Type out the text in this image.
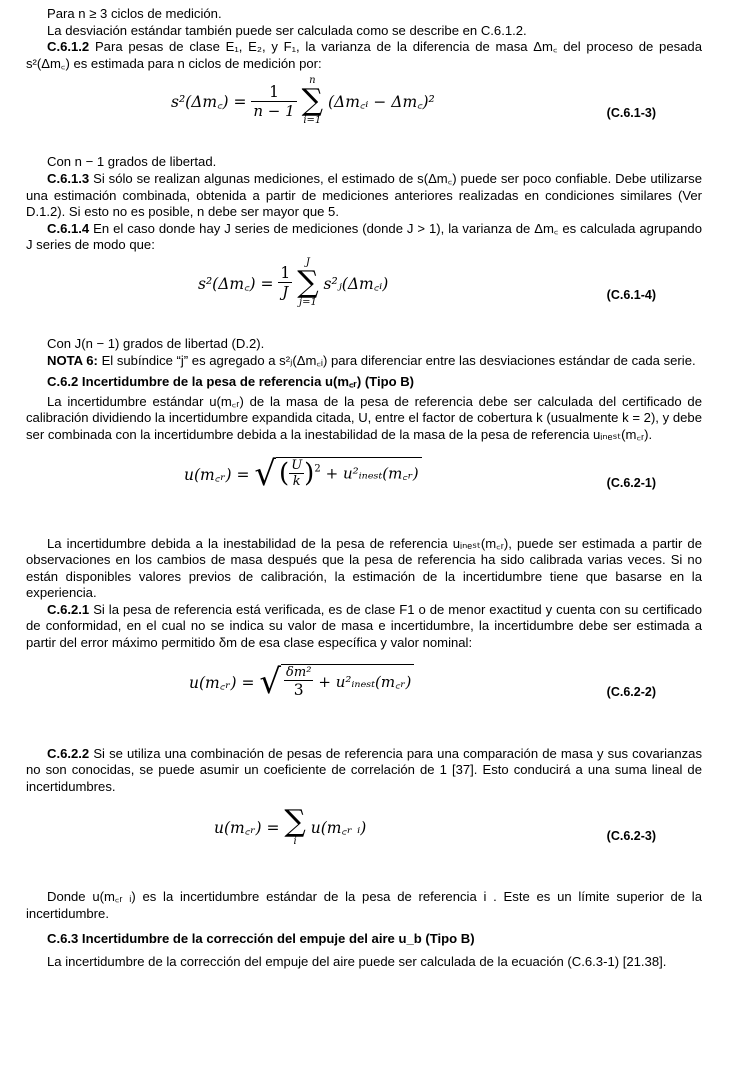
Para n ≥ 3 ciclos de medición.

La desviación estándar también puede ser calculada como se describe en C.6.1.2.

C.6.1.2 Para pesas de clase E₁, E₂, y F₁, la varianza de la diferencia de masa Δm꜀ del proceso de pesada s²(Δm꜀) es estimada para n ciclos de medición por:

s²(Δm꜀) = $\frac{1}{n - 1}$

n
∑
i=1
(Δm꜀ᵢ − Δm꜀)²
(C.6.1-3)

Con n − 1 grados de libertad.

C.6.1.3 Si sólo se realizan algunas mediciones, el estimado de s(Δm꜀) puede ser poco confiable. Debe utilizarse una estimación combinada, obtenida a partir de mediciones anteriores realizadas en condiciones similares (Ver D.1.2). Si esto no es posible, n debe ser mayor que 5.

C.6.1.4 En el caso donde hay J series de mediciones (donde J > 1), la varianza de Δm꜀ es calculada agrupando J series de modo que:

s²(Δm꜀) = $\frac{1}{J}$

J
∑
j=1
s²ⱼ(Δm꜀ᵢ)
(C.6.1-4)

Con J(n − 1) grados de libertad (D.2).

NOTA 6: El subíndice “j” es agregado a s²ⱼ(Δm꜀ᵢ) para diferenciar entre las desviaciones estándar de cada serie.

C.6.2 Incertidumbre de la pesa de referencia u(m꜀ᵣ) (Tipo B)

La incertidumbre estándar u(m꜀ᵣ) de la masa de la pesa de referencia debe ser calculada del certificado de calibración dividiendo la incertidumbre expandida citada, U, entre el factor de cobertura k (usualmente k = 2), y debe ser combinada con la incertidumbre debida a la inestabilidad de la masa de la pesa de referencia uᵢₙₑₛₜ(m꜀ᵣ).

u(m꜀ᵣ) = √ ( $\frac{U}{k} )^2$ + u²ᵢₙₑₛₜ(m꜀ᵣ)	(C.6.2-1)

La incertidumbre debida a la inestabilidad de la pesa de referencia uᵢₙₑₛₜ(m꜀ᵣ), puede ser estimada a partir de observaciones en los cambios de masa después que la pesa de referencia ha sido calibrada varias veces. Si no están disponibles valores previos de calibración, la estimación de la incertidumbre tiene que basarse en la experiencia.

C.6.2.1 Si la pesa de referencia está verificada, es de clase F1 o de menor exactitud y cuenta con su certificado de conformidad, en el cual no se indica su valor de masa e incertidumbre, la incertidumbre debe ser estimada a partir del error máximo permitido δm de esa clase específica y valor nominal:

u(m꜀ᵣ) = √ $\frac{\text{δm²}}{3}$ + u²ᵢₙₑₛₜ(m꜀ᵣ)
(C.6.2-2)

C.6.2.2 Si se utiliza una combinación de pesas de referencia para una comparación de masa y sus covarianzas no son conocidas, se puede asumir un coeficiente de correlación de 1 [37]. Esto conducirá a una suma lineal de incertidumbres.

u(m꜀ᵣ) = ∑
i
u(m꜀ᵣ ᵢ)	(C.6.2-3)

Donde u(m꜀ᵣ ᵢ) es la incertidumbre estándar de la pesa de referencia i . Este es un límite superior de la incertidumbre.

C.6.3 Incertidumbre de la corrección del empuje del aire u_b (Tipo B)

La incertidumbre de la corrección del empuje del aire puede ser calculada de la ecuación (C.6.3-1) [21.38].
